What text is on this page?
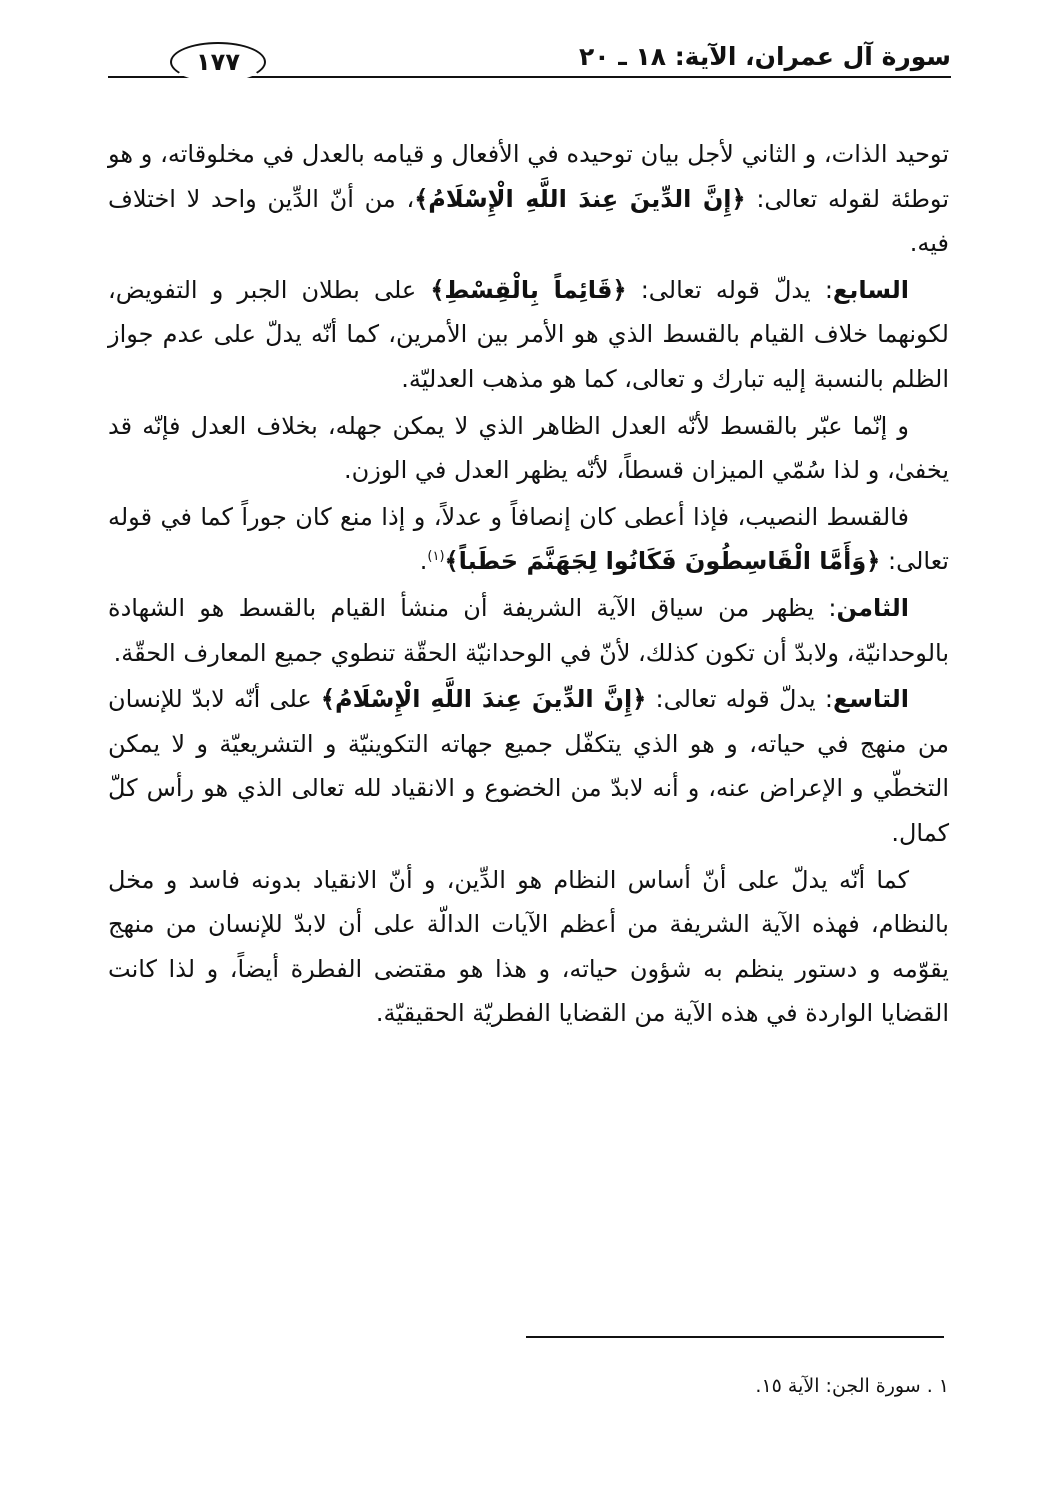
سورة آل عمران، الآية: ١٨ ـ ٢٠
١٧٧

توحيد الذات، و الثاني لأجل بيان توحيده في الأفعال و قيامه بالعدل في مخلوقاته، و هو توطئة لقوله تعالى: ﴿إِنَّ الدِّينَ عِندَ اللَّهِ الْإِسْلَامُ﴾، من أنّ الدِّين واحد لا اختلاف فيه.

السابع: يدلّ قوله تعالى: ﴿قَائِماً بِالْقِسْطِ﴾ على بطلان الجبر و التفويض، لكونهما خلاف القيام بالقسط الذي هو الأمر بين الأمرين، كما أنّه يدلّ على عدم جواز الظلم بالنسبة إليه تبارك و تعالى، كما هو مذهب العدليّة.

و إنّما عبّر بالقسط لأنّه العدل الظاهر الذي لا يمكن جهله، بخلاف العدل فإنّه قد يخفىٰ، و لذا سُمّي الميزان قسطاً، لأنّه يظهر العدل في الوزن.

فالقسط النصيب، فإذا أعطى كان إنصافاً و عدلاً، و إذا منع كان جوراً كما في قوله تعالى: ﴿وَأَمَّا الْقَاسِطُونَ فَكَانُوا لِجَهَنَّمَ حَطَباً﴾$^{(١)}$.

الثامن: يظهر من سياق الآية الشريفة أن منشأ القيام بالقسط هو الشهادة بالوحدانيّة، ولابدّ أن تكون كذلك، لأنّ في الوحدانيّة الحقّة تنطوي جميع المعارف الحقّة.

التاسع: يدلّ قوله تعالى: ﴿إِنَّ الدِّينَ عِندَ اللَّهِ الْإِسْلَامُ﴾ على أنّه لابدّ للإنسان من منهج في حياته، و هو الذي يتكفّل جميع جهاته التكوينيّة و التشريعيّة و لا يمكن التخطّي و الإعراض عنه، و أنه لابدّ من الخضوع و الانقياد لله تعالى الذي هو رأس كلّ كمال.

كما أنّه يدلّ على أنّ أساس النظام هو الدِّين، و أنّ الانقياد بدونه فاسد و مخل بالنظام، فهذه الآية الشريفة من أعظم الآيات الدالّة على أن لابدّ للإنسان من منهج يقوّمه و دستور ينظم به شؤون حياته، و هذا هو مقتضى الفطرة أيضاً، و لذا كانت القضايا الواردة في هذه الآية من القضايا الفطريّة الحقيقيّة.

١ . سورة الجن: الآية ١٥.
